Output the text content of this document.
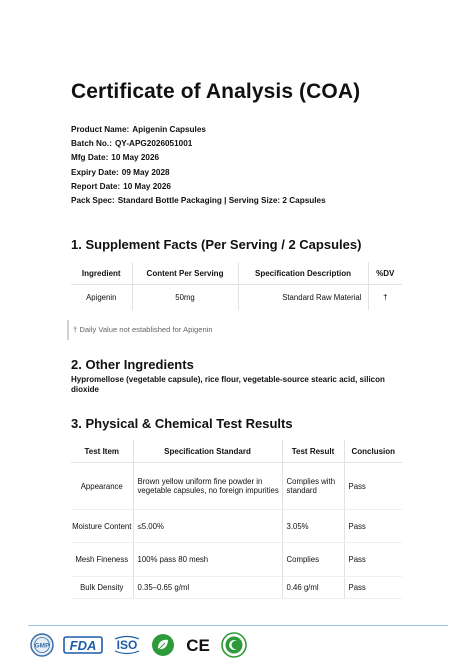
Certificate of Analysis (COA)
Product Name: Apigenin Capsules
Batch No.: QY-APG2026051001
Mfg Date: 10 May 2026
Expiry Date: 09 May 2028
Report Date: 10 May 2026
Pack Spec: Standard Bottle Packaging | Serving Size: 2 Capsules
1. Supplement Facts (Per Serving / 2 Capsules)
Ingredient	Content Per Serving	Specification Description	%DV
Apigenin	50mg	Standard Raw Material	†
† Daily Value not established for Apigenin
2. Other Ingredients
Hypromellose (vegetable capsule), rice flour, vegetable-source stearic acid, silicon dioxide
3. Physical & Chemical Test Results
Test Item	Specification Standard	Test Result	Conclusion
Appearance	Brown yellow uniform fine powder in vegetable capsules, no foreign impurities	Complies with standard	Pass
Moisture Content	≤5.00%	3.05%	Pass
Mesh Fineness	100% pass 80 mesh	Complies	Pass
Bulk Density	0.35–0.65 g/ml	0.46 g/ml	Pass
GMP FDA ISO	CE
